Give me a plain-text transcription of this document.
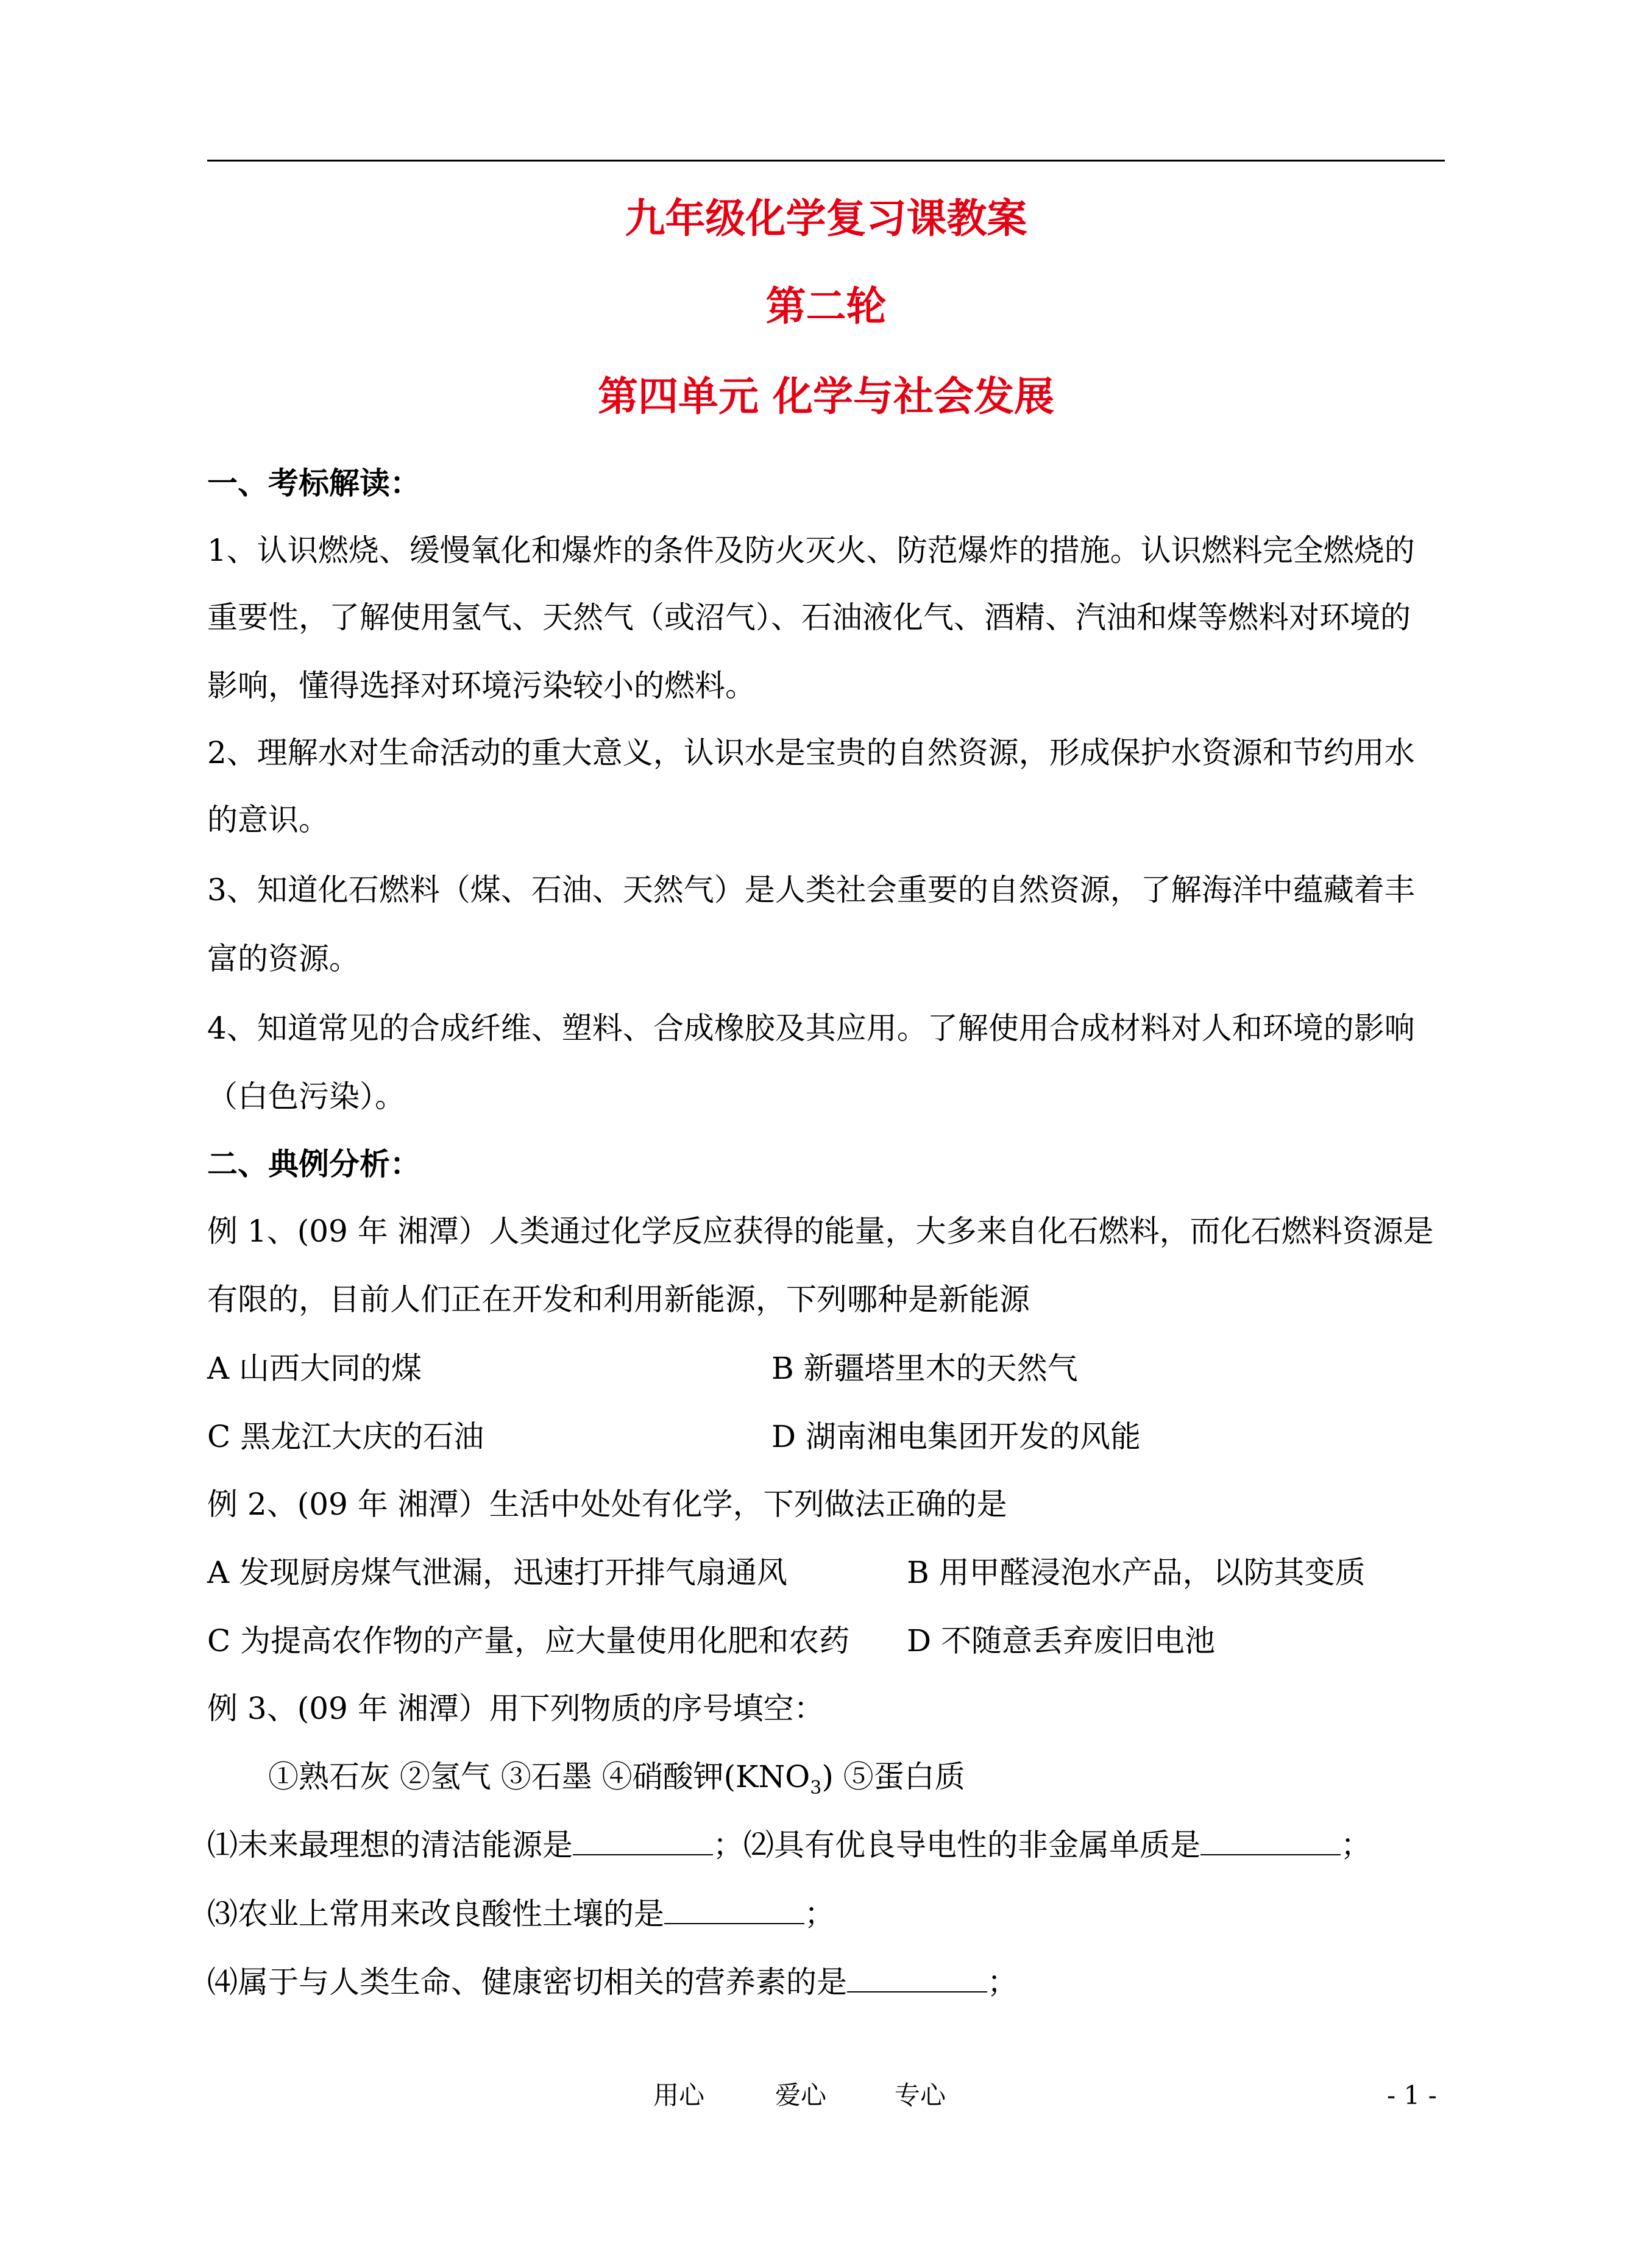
九年级化学复习课教案
第二轮
第四单元 化学与社会发展
一、考标解读：
1、认识燃烧、缓慢氧化和爆炸的条件及防火灭火、防范爆炸的措施。认识燃料完全燃烧的
重要性，了解使用氢气、天然气（或沼气）、石油液化气、酒精、汽油和煤等燃料对环境的
影响，懂得选择对环境污染较小的燃料。
2、理解水对生命活动的重大意义，认识水是宝贵的自然资源，形成保护水资源和节约用水
的意识。
3、知道化石燃料（煤、石油、天然气）是人类社会重要的自然资源，了解海洋中蕴藏着丰
富的资源。
4、知道常见的合成纤维、塑料、合成橡胶及其应用。了解使用合成材料对人和环境的影响
（白色污染）。
二、典例分析：
例 1、(09 年 湘潭）人类通过化学反应获得的能量，大多来自化石燃料，而化石燃料资源是
有限的，目前人们正在开发和利用新能源，下列哪种是新能源
A 山西大同的煤	B 新疆塔里木的天然气
C 黑龙江大庆的石油	D 湖南湘电集团开发的风能
例 2、(09 年 湘潭）生活中处处有化学，下列做法正确的是
A 发现厨房煤气泄漏，迅速打开排气扇通风	B 用甲醛浸泡水产品，以防其变质
C 为提高农作物的产量，应大量使用化肥和农药	D 不随意丢弃废旧电池
例 3、(09 年 湘潭）用下列物质的序号填空：
①熟石灰 ②氢气 ③石墨 ④硝酸钾$(KNO_3)$ ⑤蛋白质
⑴未来最理想的清洁能源是	；⑵具有优良导电性的非金属单质是	；
⑶农业上常用来改良酸性土壤的是	；
⑷属于与人类生命、健康密切相关的营养素的是	；
用心	爱心	专心	- 1 -
